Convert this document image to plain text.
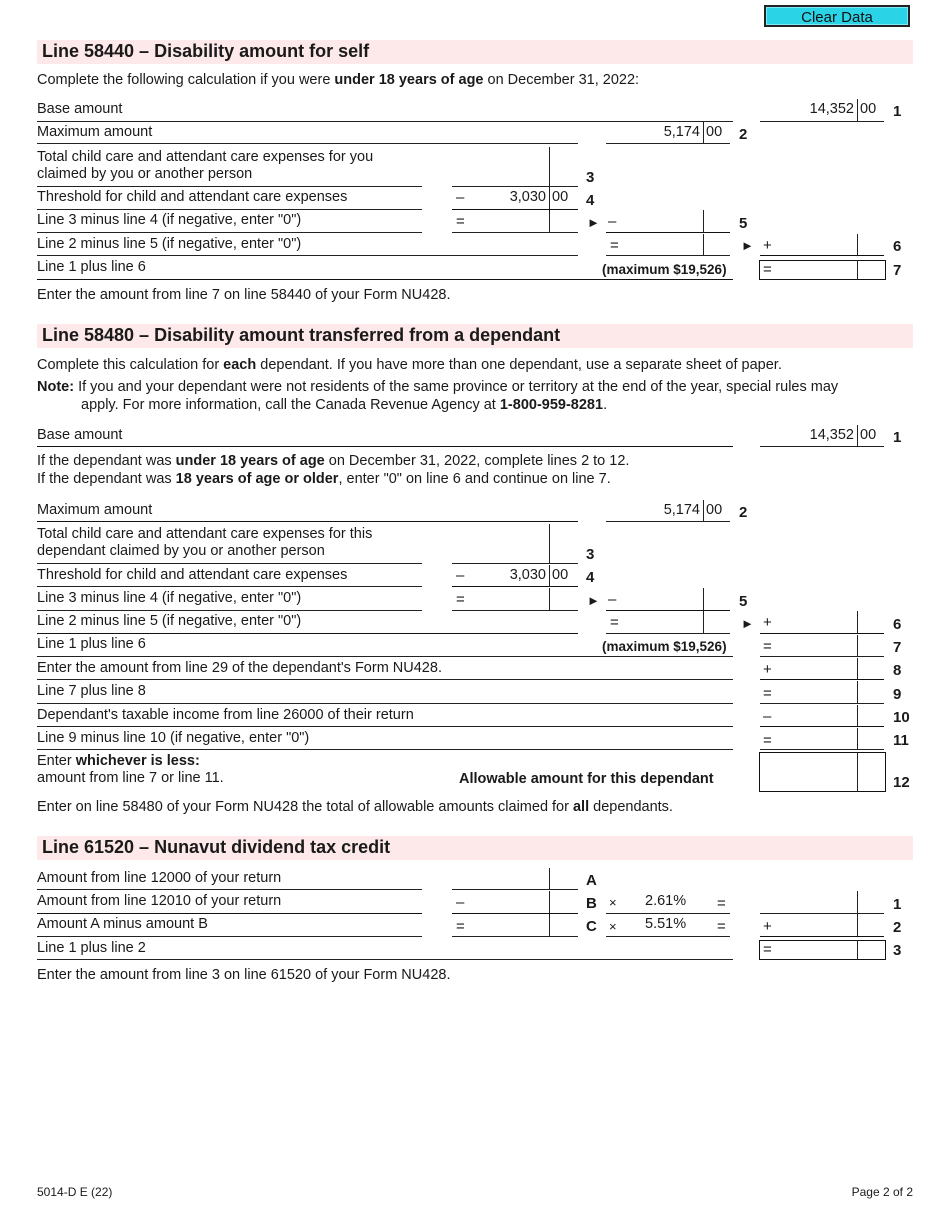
Clear Data
Line 58440 – Disability amount for self
Complete the following calculation if you were under 18 years of age on December 31, 2022:
Base amount	14,352 00 1
Maximum amount	5,174 00 2
Total child care and attendant care expenses for you
claimed by you or another person	3
Threshold for child and attendant care expenses	–	3,030 00 4
Line 3 minus line 4 (if negative, enter "0")	=	► –	5
Line 2 minus line 5 (if negative, enter "0")	=	► +	6
Line 1 plus line 6	(maximum $19,526) =	7
Enter the amount from line 7 on line 58440 of your Form NU428.
Line 58480 – Disability amount transferred from a dependant
Complete this calculation for each dependant. If you have more than one dependant, use a separate sheet of paper.
Note: If you and your dependant were not residents of the same province or territory at the end of the year, special rules may
apply. For more information, call the Canada Revenue Agency at 1-800-959-8281.
Base amount	14,352 00 1
If the dependant was under 18 years of age on December 31, 2022, complete lines 2 to 12.
If the dependant was 18 years of age or older, enter "0" on line 6 and continue on line 7.
Maximum amount	5,174 00 2
Total child care and attendant care expenses for this
dependant claimed by you or another person	3
Threshold for child and attendant care expenses	–	3,030 00 4
Line 3 minus line 4 (if negative, enter "0")	=	► –	5
Line 2 minus line 5 (if negative, enter "0")	=	► +	6
Line 1 plus line 6	(maximum $19,526) =	7
Enter the amount from line 29 of the dependant's Form NU428.	+	8
Line 7 plus line 8	=	9
Dependant's taxable income from line 26000 of their return	–	10
Line 9 minus line 10 (if negative, enter "0")	=	11
Enter whichever is less:
amount from line 7 or line 11.	Allowable amount for this dependant	12
Enter on line 58480 of your Form NU428 the total of allowable amounts claimed for all dependants.
Line 61520 – Nunavut dividend tax credit
Amount from line 12000 of your return	A
Amount from line 12010 of your return	–	B × 2.61% =	1
Amount A minus amount B	=	C × 5.51% = +	2
Line 1 plus line 2	=	3
Enter the amount from line 3 on line 61520 of your Form NU428.
5014-D E (22)	Page 2 of 2
